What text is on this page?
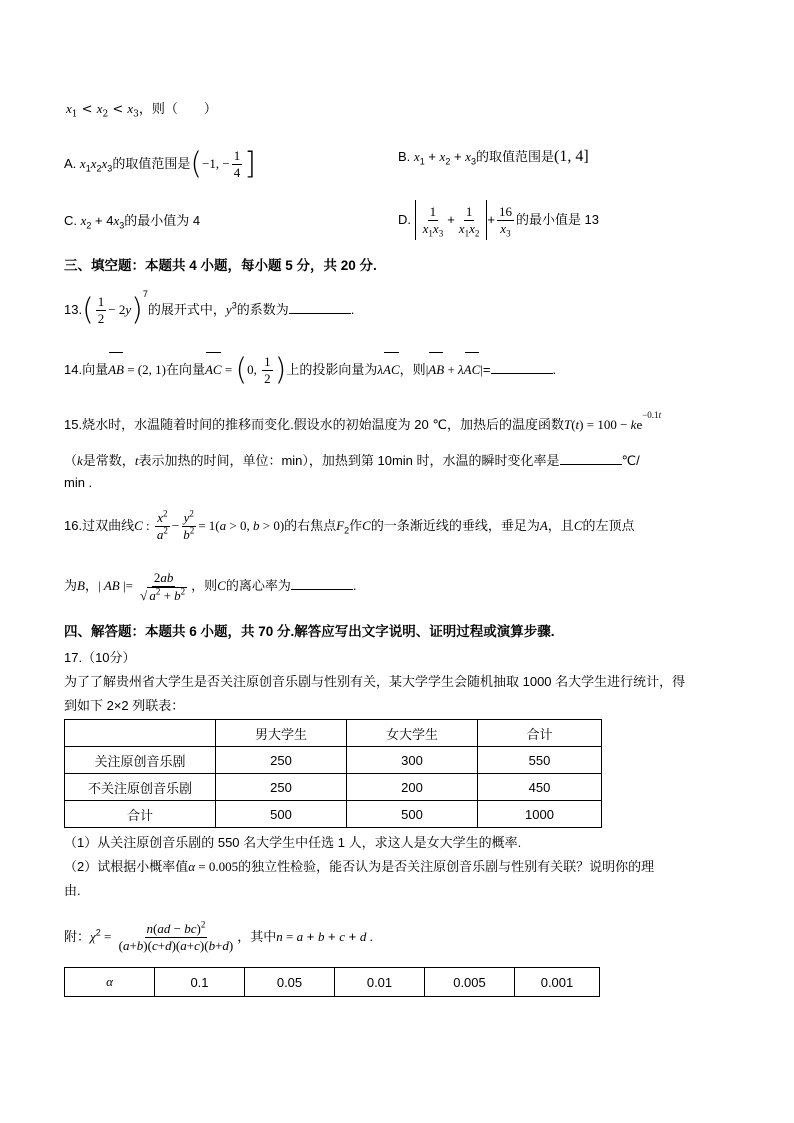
$x_1 < x_2 < x_3$，则（　　）
A. $x_1x_2x_3$的取值范围是(−1, − $\frac{1}{4}$ ]	B. $x_1 + x_2 + x_3$的取值范围是(1, 4]
C. $x_2 + 4x_3$的最小值为 4	D. $\frac{1}{x_1x_3} + \frac{1}{x_1x_2} + \frac{16}{x_3}$ 的最小值是 13
三、填空题：本题共 4 小题，每小题 5 分，共 20 分.
$13.( \frac{1}{2} - 2y)^7$的展开式中，$y^3$的系数为	.
14.向量AB = (2, 1)在向量AC = (0, $\frac{1}{2}$ )上的投影向量为λAC，则|AB + λAC|=	.
15.烧水时，水温随着时间的推移而变化.假设水的初始温度为 20 ℃，加热后的温度函数$T(t) = 100 - ke^{-0.1t}$
（k是常数，t表示加热的时间，单位：min），加热到第 10min 时，水温的瞬时变化率是	℃/
min .
16.过双曲线C : $\frac{x^2}{a^2} - \frac{y^2}{b^2} = 1(a > 0$, b > 0)的右焦点$F_2$作C的一条渐近线的垂线，垂足为A，且C的左顶点
为B，| AB |= $\frac{2ab}{√ a^2 + b^2}$ ，则C的离心率为	.
四、解答题：本题共 6 小题，共 70 分.解答应写出文字说明、证明过程或演算步骤.
17.（10分）
为了了解贵州省大学生是否关注原创音乐剧与性别有关，某大学学生会随机抽取 1000 名大学生进行统计，得
到如下 2×2 列联表：
	男大学生	女大学生	合计
关注原创音乐剧	250	300	550
不关注原创音乐剧	250	200	450
合计	500	500	1000
（1）从关注原创音乐剧的 550 名大学生中任选 1 人，求这人是女大学生的概率.
（2）试根据小概率值α = 0.005的独立性检验，能否认为是否关注原创音乐剧与性别有关联？说明你的理
由.
附：$\chi^2 = \frac{n(ad - bc)^2}{(a+b)(c+d)(a+c)(b+d)}$ ，其中n = a + b + c + d .
α	0.1	0.05	0.01	0.005	0.001
